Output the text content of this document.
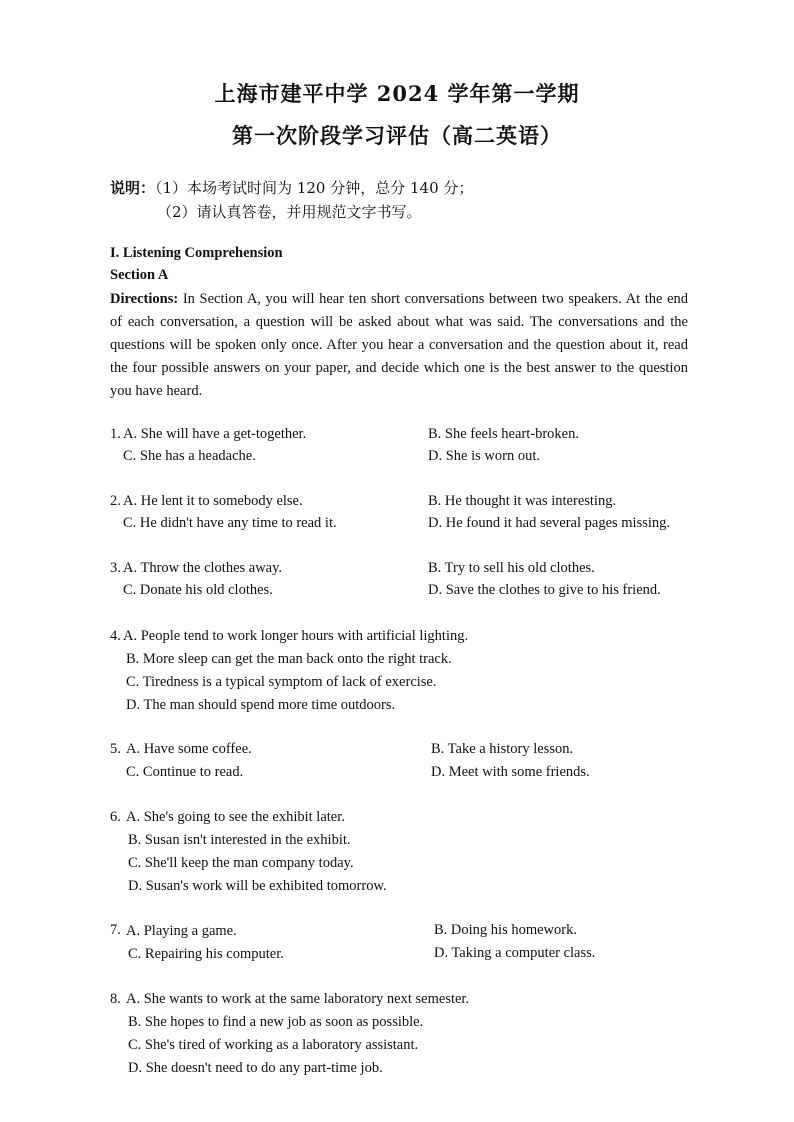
上海市建平中学 2024 学年第一学期
第一次阶段学习评估（高二英语）
说明：（1）本场考试时间为 120 分钟，总分 140 分；
（2）请认真答卷，并用规范文字书写。
I. Listening Comprehension
Section A
Directions: In Section A, you will hear ten short conversations between two speakers. At the end of each conversation, a question will be asked about what was said. The conversations and the questions will be spoken only once. After you hear a conversation and the question about it, read the four possible answers on your paper, and decide which one is the best answer to the question you have heard.
1. A. She will have a get-together.	B. She feels heart-broken.
C. She has a headache.	D. She is worn out.
2. A. He lent it to somebody else.	B. He thought it was interesting.
C. He didn't have any time to read it.	D. He found it had several pages missing.
3. A. Throw the clothes away.	B. Try to sell his old clothes.
C. Donate his old clothes.	D. Save the clothes to give to his friend.
4. A. People tend to work longer hours with artificial lighting.
B. More sleep can get the man back onto the right track.
C. Tiredness is a typical symptom of lack of exercise.
D. The man should spend more time outdoors.
5. A. Have some coffee.	B. Take a history lesson.
C. Continue to read.	D. Meet with some friends.
6. A. She's going to see the exhibit later.
B. Susan isn't interested in the exhibit.
C. She'll keep the man company today.
D. Susan's work will be exhibited tomorrow.
7. A. Playing a game.	B. Doing his homework.
C. Repairing his computer.	D. Taking a computer class.
8. A. She wants to work at the same laboratory next semester.
B. She hopes to find a new job as soon as possible.
C. She's tired of working as a laboratory assistant.
D. She doesn't need to do any part-time job.
